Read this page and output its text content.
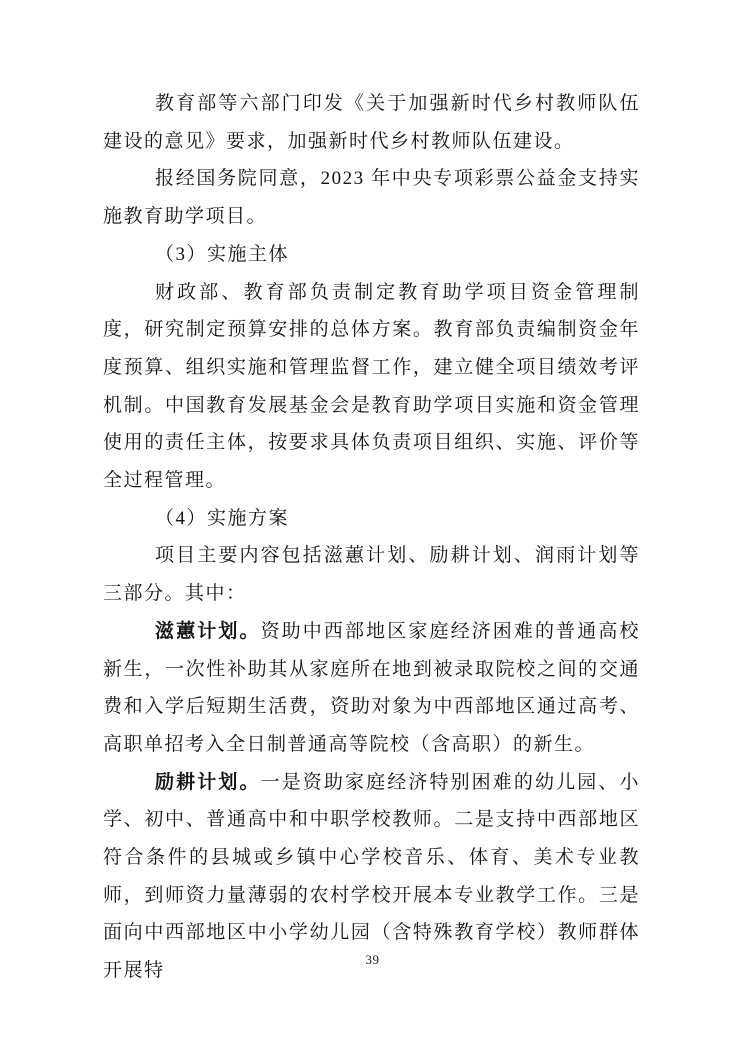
教育部等六部门印发《关于加强新时代乡村教师队伍建设的意见》要求，加强新时代乡村教师队伍建设。

报经国务院同意，2023 年中央专项彩票公益金支持实施教育助学项目。

（3）实施主体

财政部、教育部负责制定教育助学项目资金管理制度，研究制定预算安排的总体方案。教育部负责编制资金年度预算、组织实施和管理监督工作，建立健全项目绩效考评机制。中国教育发展基金会是教育助学项目实施和资金管理使用的责任主体，按要求具体负责项目组织、实施、评价等全过程管理。

（4）实施方案

项目主要内容包括滋蕙计划、励耕计划、润雨计划等三部分。其中：

滋蕙计划。资助中西部地区家庭经济困难的普通高校新生，一次性补助其从家庭所在地到被录取院校之间的交通费和入学后短期生活费，资助对象为中西部地区通过高考、高职单招考入全日制普通高等院校（含高职）的新生。

励耕计划。一是资助家庭经济特别困难的幼儿园、小学、初中、普通高中和中职学校教师。二是支持中西部地区符合条件的县城或乡镇中心学校音乐、体育、美术专业教师，到师资力量薄弱的农村学校开展本专业教学工作。三是面向中西部地区中小学幼儿园（含特殊教育学校）教师群体开展特

39
